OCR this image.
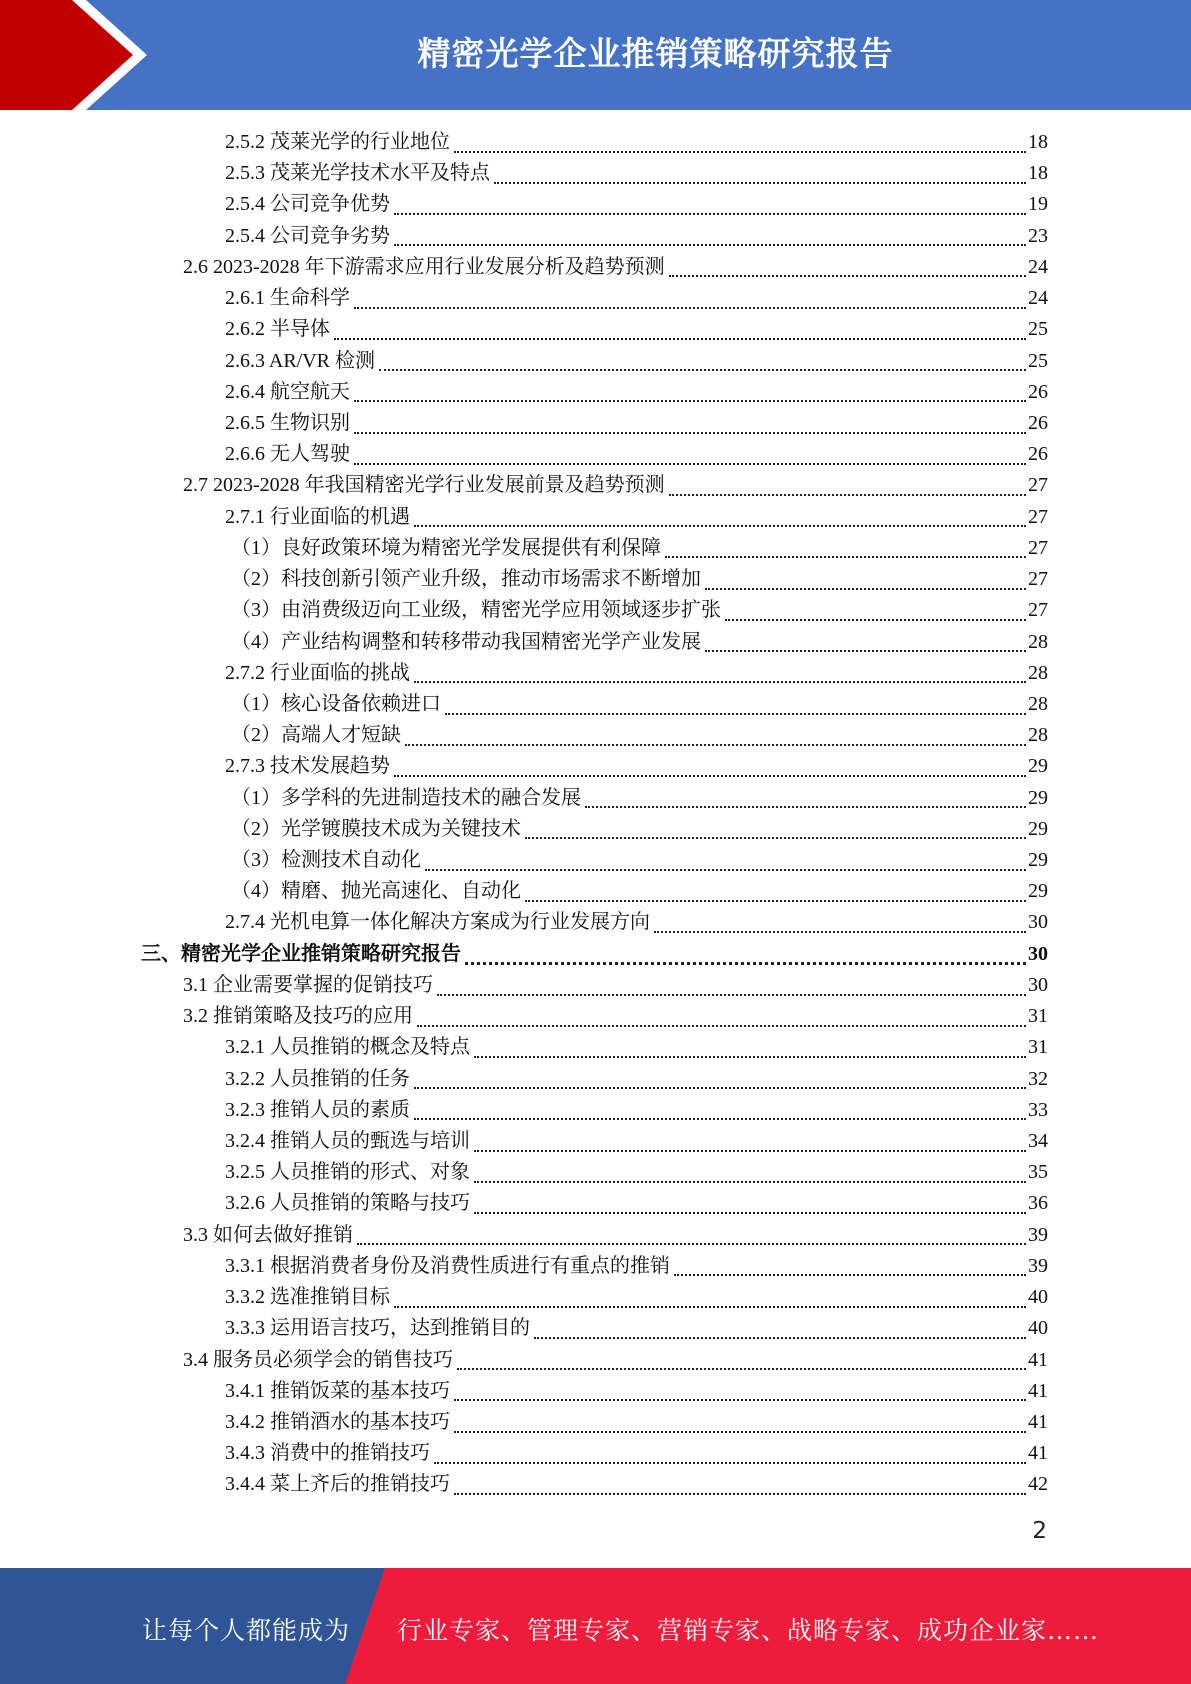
精密光学企业推销策略研究报告
2.5.2 茂莱光学的行业地位	18
2.5.3 茂莱光学技术水平及特点	18
2.5.4 公司竞争优势	19
2.5.4 公司竞争劣势	23
2.6 2023-2028 年下游需求应用行业发展分析及趋势预测	24
2.6.1 生命科学	24
2.6.2 半导体	25
2.6.3 AR/VR 检测	25
2.6.4 航空航天	26
2.6.5 生物识别	26
2.6.6 无人驾驶	26
2.7 2023-2028 年我国精密光学行业发展前景及趋势预测	27
2.7.1 行业面临的机遇	27
（1）良好政策环境为精密光学发展提供有利保障	27
（2）科技创新引领产业升级，推动市场需求不断增加	27
（3）由消费级迈向工业级，精密光学应用领域逐步扩张	27
（4）产业结构调整和转移带动我国精密光学产业发展	28
2.7.2 行业面临的挑战	28
（1）核心设备依赖进口	28
（2）高端人才短缺	28
2.7.3 技术发展趋势	29
（1）多学科的先进制造技术的融合发展	29
（2）光学镀膜技术成为关键技术	29
（3）检测技术自动化	29
（4）精磨、抛光高速化、自动化	29
2.7.4 光机电算一体化解决方案成为行业发展方向	30
三、精密光学企业推销策略研究报告	30
3.1 企业需要掌握的促销技巧	30
3.2 推销策略及技巧的应用	31
3.2.1 人员推销的概念及特点	31
3.2.2 人员推销的任务	32
3.2.3 推销人员的素质	33
3.2.4 推销人员的甄选与培训	34
3.2.5 人员推销的形式、对象	35
3.2.6 人员推销的策略与技巧	36
3.3 如何去做好推销	39
3.3.1 根据消费者身份及消费性质进行有重点的推销	39
3.3.2 选准推销目标	40
3.3.3 运用语言技巧，达到推销目的	40
3.4 服务员必须学会的销售技巧	41
3.4.1 推销饭菜的基本技巧	41
3.4.2 推销酒水的基本技巧	41
3.4.3 消费中的推销技巧	41
3.4.4 菜上齐后的推销技巧	42
2
让每个人都能成为 行业专家、管理专家、营销专家、战略专家、成功企业家……
